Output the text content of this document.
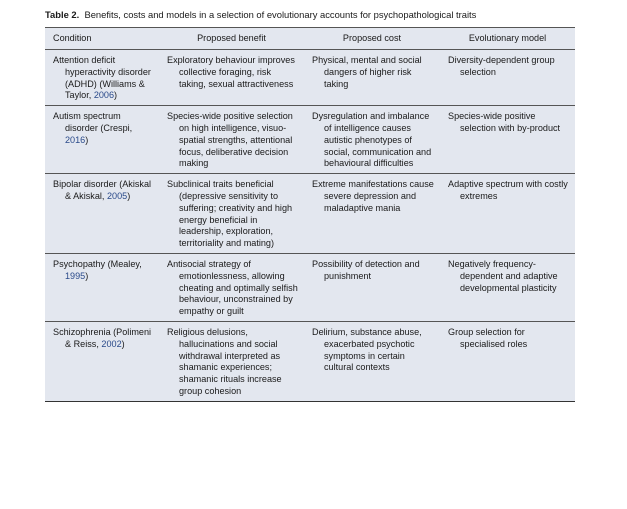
Table 2. Benefits, costs and models in a selection of evolutionary accounts for psychopathological traits
Condition	Proposed benefit	Proposed cost	Evolutionary model

Attention deficit hyperactivity disorder (ADHD) (Williams & Taylor, 2006)	Exploratory behaviour improves collective foraging, risk taking, sexual attractiveness	Physical, mental and social dangers of higher risk taking	Diversity-dependent group selection

Autism spectrum disorder (Crespi, 2016)	Species-wide positive selection on high intelligence, visuo-spatial strengths, attentional focus, deliberative decision making	Dysregulation and imbalance of intelligence causes autistic phenotypes of social, communication and behavioural difficulties	Species-wide positive selection with by-product

Bipolar disorder (Akiskal & Akiskal, 2005)	Subclinical traits beneficial (depressive sensitivity to suffering; creativity and high energy beneficial in leadership, exploration, territoriality and mating)	Extreme manifestations cause severe depression and maladaptive mania	Adaptive spectrum with costly extremes

Psychopathy (Mealey, 1995)	Antisocial strategy of emotionlessness, allowing cheating and optimally selfish behaviour, unconstrained by empathy or guilt	Possibility of detection and punishment	Negatively frequency-dependent and adaptive developmental plasticity

Schizophrenia (Polimeni & Reiss, 2002)	Religious delusions, hallucinations and social withdrawal interpreted as shamanic experiences; shamanic rituals increase group cohesion	Delirium, substance abuse, exacerbated psychotic symptoms in certain cultural contexts	Group selection for specialised roles
